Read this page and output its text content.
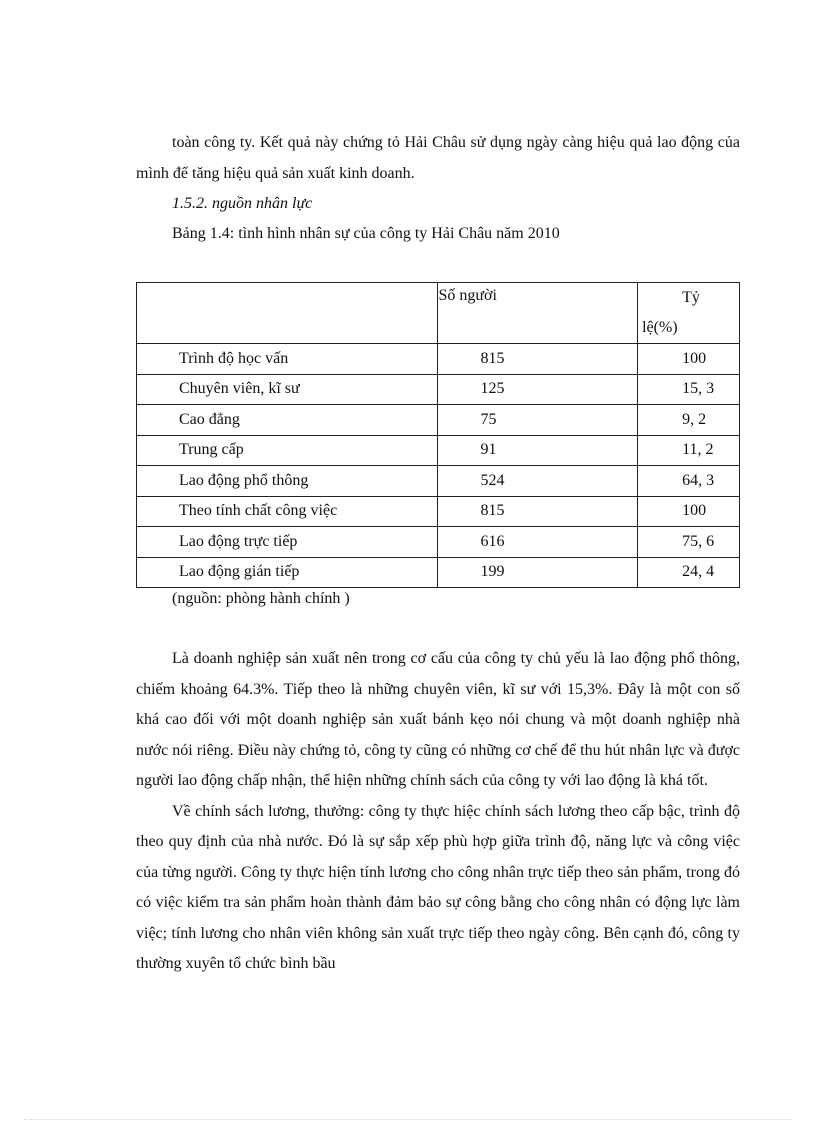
toàn công ty. Kết quả này chứng tỏ Hải Châu sử dụng ngày càng hiệu quả lao động của mình để tăng hiệu quả sản xuất kinh doanh.

1.5.2. nguồn nhân lực

Bảng 1.4: tình hình nhân sự của công ty Hải Châu năm 2010

	Số người	Tỷ
lệ(%)

Trình độ học vấn	815	100
Chuyên viên, kĩ sư	125	15, 3
Cao đẳng	75	9, 2
Trung cấp	91	11, 2
Lao động phổ thông	524	64, 3
Theo tính chất công việc	815	100
Lao động trực tiếp	616	75, 6
Lao động gián tiếp	199	24, 4

(nguồn: phòng hành chính )

Là doanh nghiệp sản xuất nên trong cơ cấu của công ty chủ yếu là lao động phổ thông, chiếm khoảng 64.3%. Tiếp theo là những chuyên viên, kĩ sư với 15,3%. Đây là một con số khá cao đối với một doanh nghiệp sản xuất bánh kẹo nói chung và một doanh nghiệp nhà nước nói riêng. Điều này chứng tỏ, công ty cũng có những cơ chế để thu hút nhân lực và được người lao động chấp nhận, thể hiện những chính sách của công ty với lao động là khá tốt.

Về chính sách lương, thưởng: công ty thực hiệc chính sách lương theo cấp bậc, trình độ theo quy định của nhà nước. Đó là sự sắp xếp phù hợp giữa trình độ, năng lực và công việc của từng người. Công ty thực hiện tính lương cho công nhân trực tiếp theo sản phẩm, trong đó có việc kiểm tra sản phẩm hoàn thành đảm bảo sự công bằng cho công nhân có động lực làm việc; tính lương cho nhân viên không sản xuất trực tiếp theo ngày công. Bên cạnh đó, công ty thường xuyên tổ chức bình bầu
